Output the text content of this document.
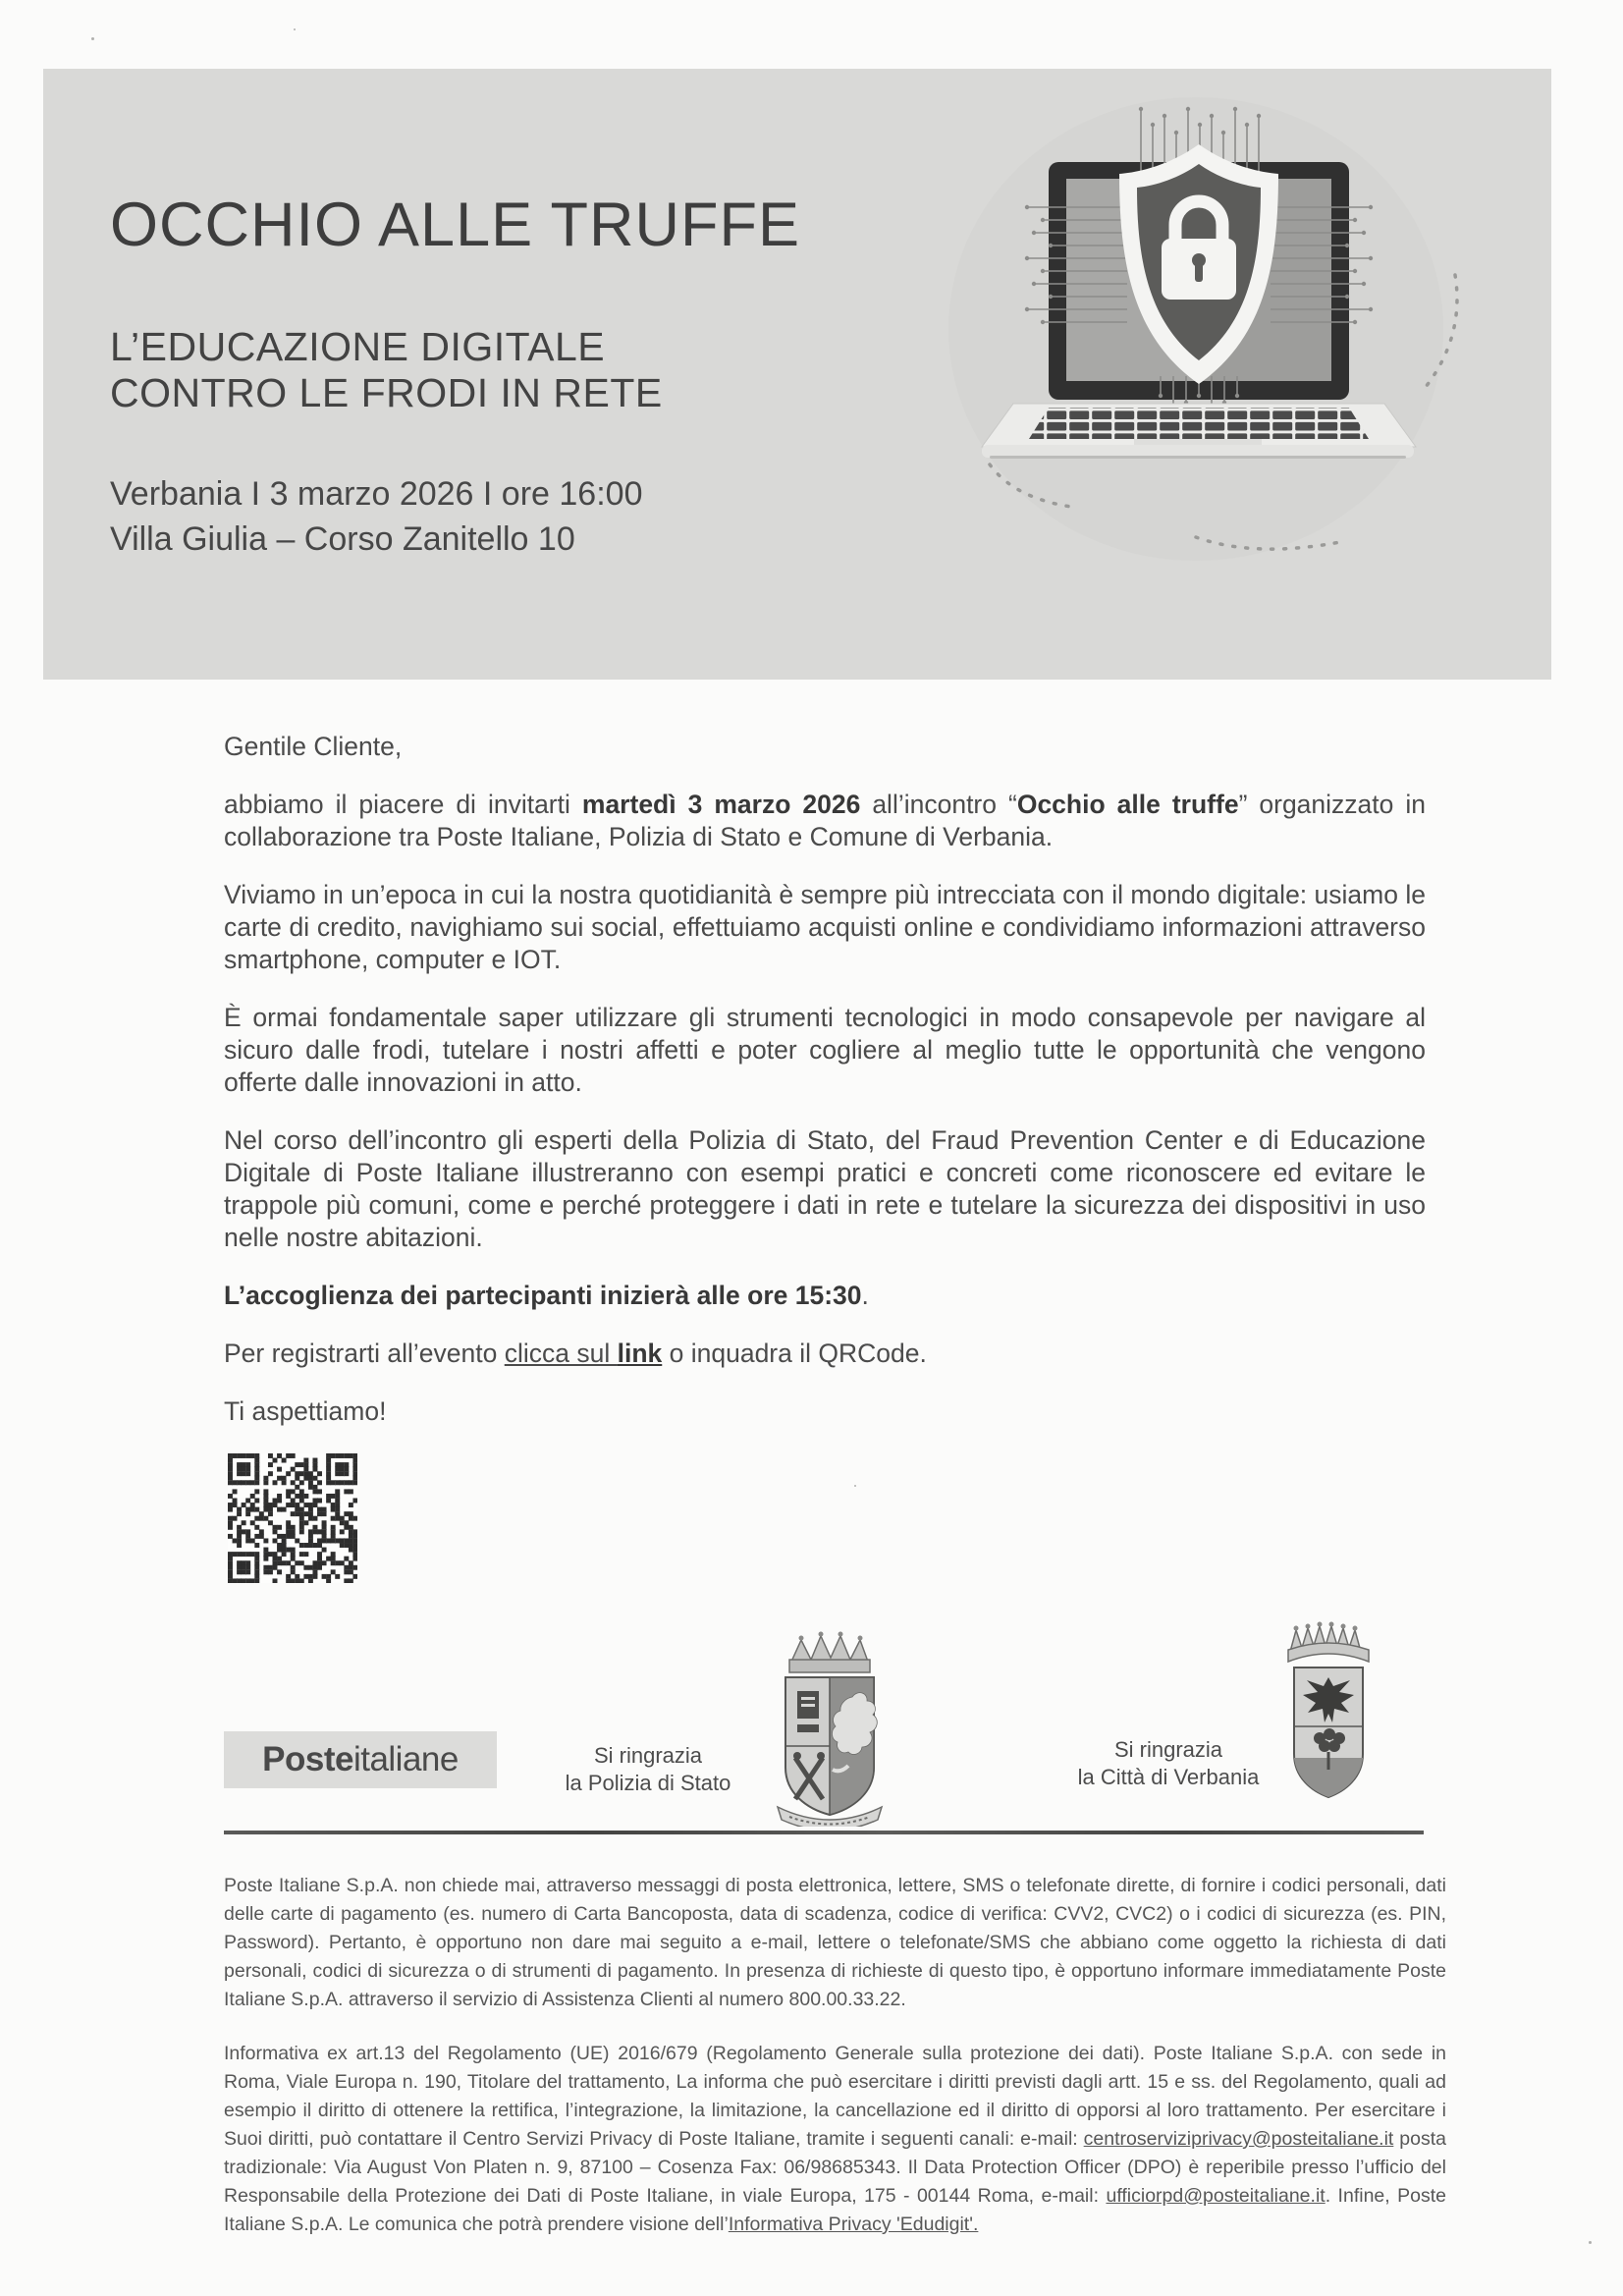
OCCHIO ALLE TRUFFE
L’EDUCAZIONE DIGITALE
CONTRO LE FRODI IN RETE
Verbania I 3 marzo 2026 I ore 16:00
Villa Giulia – Corso Zanitello 10

Gentile Cliente,

abbiamo il piacere di invitarti martedì 3 marzo 2026 all’incontro “Occhio alle truffe” organizzato in collaborazione tra Poste Italiane, Polizia di Stato e Comune di Verbania.

Viviamo in un’epoca in cui la nostra quotidianità è sempre più intrecciata con il mondo digitale: usiamo le carte di credito, navighiamo sui social, effettuiamo acquisti online e condividiamo informazioni attraverso smartphone, computer e IOT.

È ormai fondamentale saper utilizzare gli strumenti tecnologici in modo consapevole per navigare al sicuro dalle frodi, tutelare i nostri affetti e poter cogliere al meglio tutte le opportunità che vengono offerte dalle innovazioni in atto.

Nel corso dell’incontro gli esperti della Polizia di Stato, del Fraud Prevention Center e di Educazione Digitale di Poste Italiane illustreranno con esempi pratici e concreti come riconoscere ed evitare le trappole più comuni, come e perché proteggere i dati in rete e tutelare la sicurezza dei dispositivi in uso nelle nostre abitazioni.

L’accoglienza dei partecipanti inizierà alle ore 15:30.

Per registrarti all’evento clicca sul link o inquadra il QRCode.

Ti aspettiamo!

Poste italiane	Si ringrazia
la Polizia di Stato
Si ringrazia
la Città di Verbania

Poste Italiane S.p.A. non chiede mai, attraverso messaggi di posta elettronica, lettere, SMS o telefonate dirette, di fornire i codici personali, dati delle carte di pagamento (es. numero di Carta Bancoposta, data di scadenza, codice di verifica: CVV2, CVC2) o i codici di sicurezza (es. PIN, Password). Pertanto, è opportuno non dare mai seguito a e-mail, lettere o telefonate/SMS che abbiano come oggetto la richiesta di dati personali, codici di sicurezza o di strumenti di pagamento. In presenza di richieste di questo tipo, è opportuno informare immediatamente Poste Italiane S.p.A. attraverso il servizio di Assistenza Clienti al numero 800.00.33.22.

Informativa ex art.13 del Regolamento (UE) 2016/679 (Regolamento Generale sulla protezione dei dati). Poste Italiane S.p.A. con sede in Roma, Viale Europa n. 190, Titolare del trattamento, La informa che può esercitare i diritti previsti dagli artt. 15 e ss. del Regolamento, quali ad esempio il diritto di ottenere la rettifica, l’integrazione, la limitazione, la cancellazione ed il diritto di opporsi al loro trattamento. Per esercitare i Suoi diritti, può contattare il Centro Servizi Privacy di Poste Italiane, tramite i seguenti canali: e-mail: centroserviziprivacy@posteitaliane.it posta tradizionale: Via August Von Platen n. 9, 87100 – Cosenza Fax: 06/98685343. Il Data Protection Officer (DPO) è reperibile presso l’ufficio del Responsabile della Protezione dei Dati di Poste Italiane, in viale Europa, 175 - 00144 Roma, e-mail: ufficiorpd@posteitaliane.it. Infine, Poste Italiane S.p.A. Le comunica che potrà prendere visione dell’Informativa Privacy 'Edudigit'.
